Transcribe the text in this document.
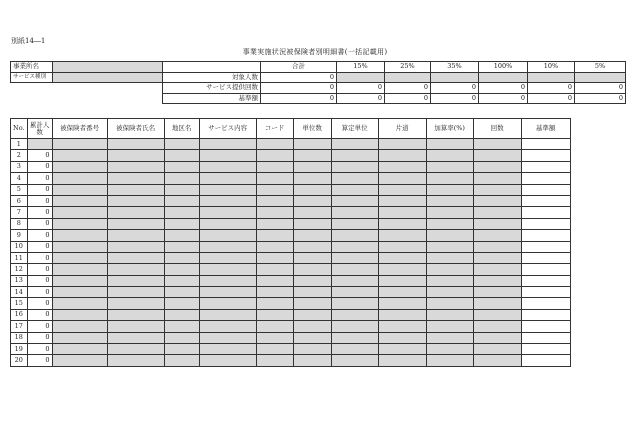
別紙14―1
事業実施状況被保険者別明細書(一括記載用)
事業所名			合計	15%	25%	35%	100%	10%	5%
サービス種別		対象人数	0						
		サービス提供回数	0	0	0	0	0	0	0
		基準額	0	0	0	0	0	0	0
No.	累計人数	被保険者番号	被保険者氏名	地区名	サービス内容	コード	単位数	算定単位	片道	加算率(%)	回数	基準額
1												
2	0											
3	0											
4	0											
5	0											
6	0											
7	0											
8	0											
9	0											
10	0											
11	0											
12	0											
13	0											
14	0											
15	0											
16	0											
17	0											
18	0											
19	0											
20	0											
